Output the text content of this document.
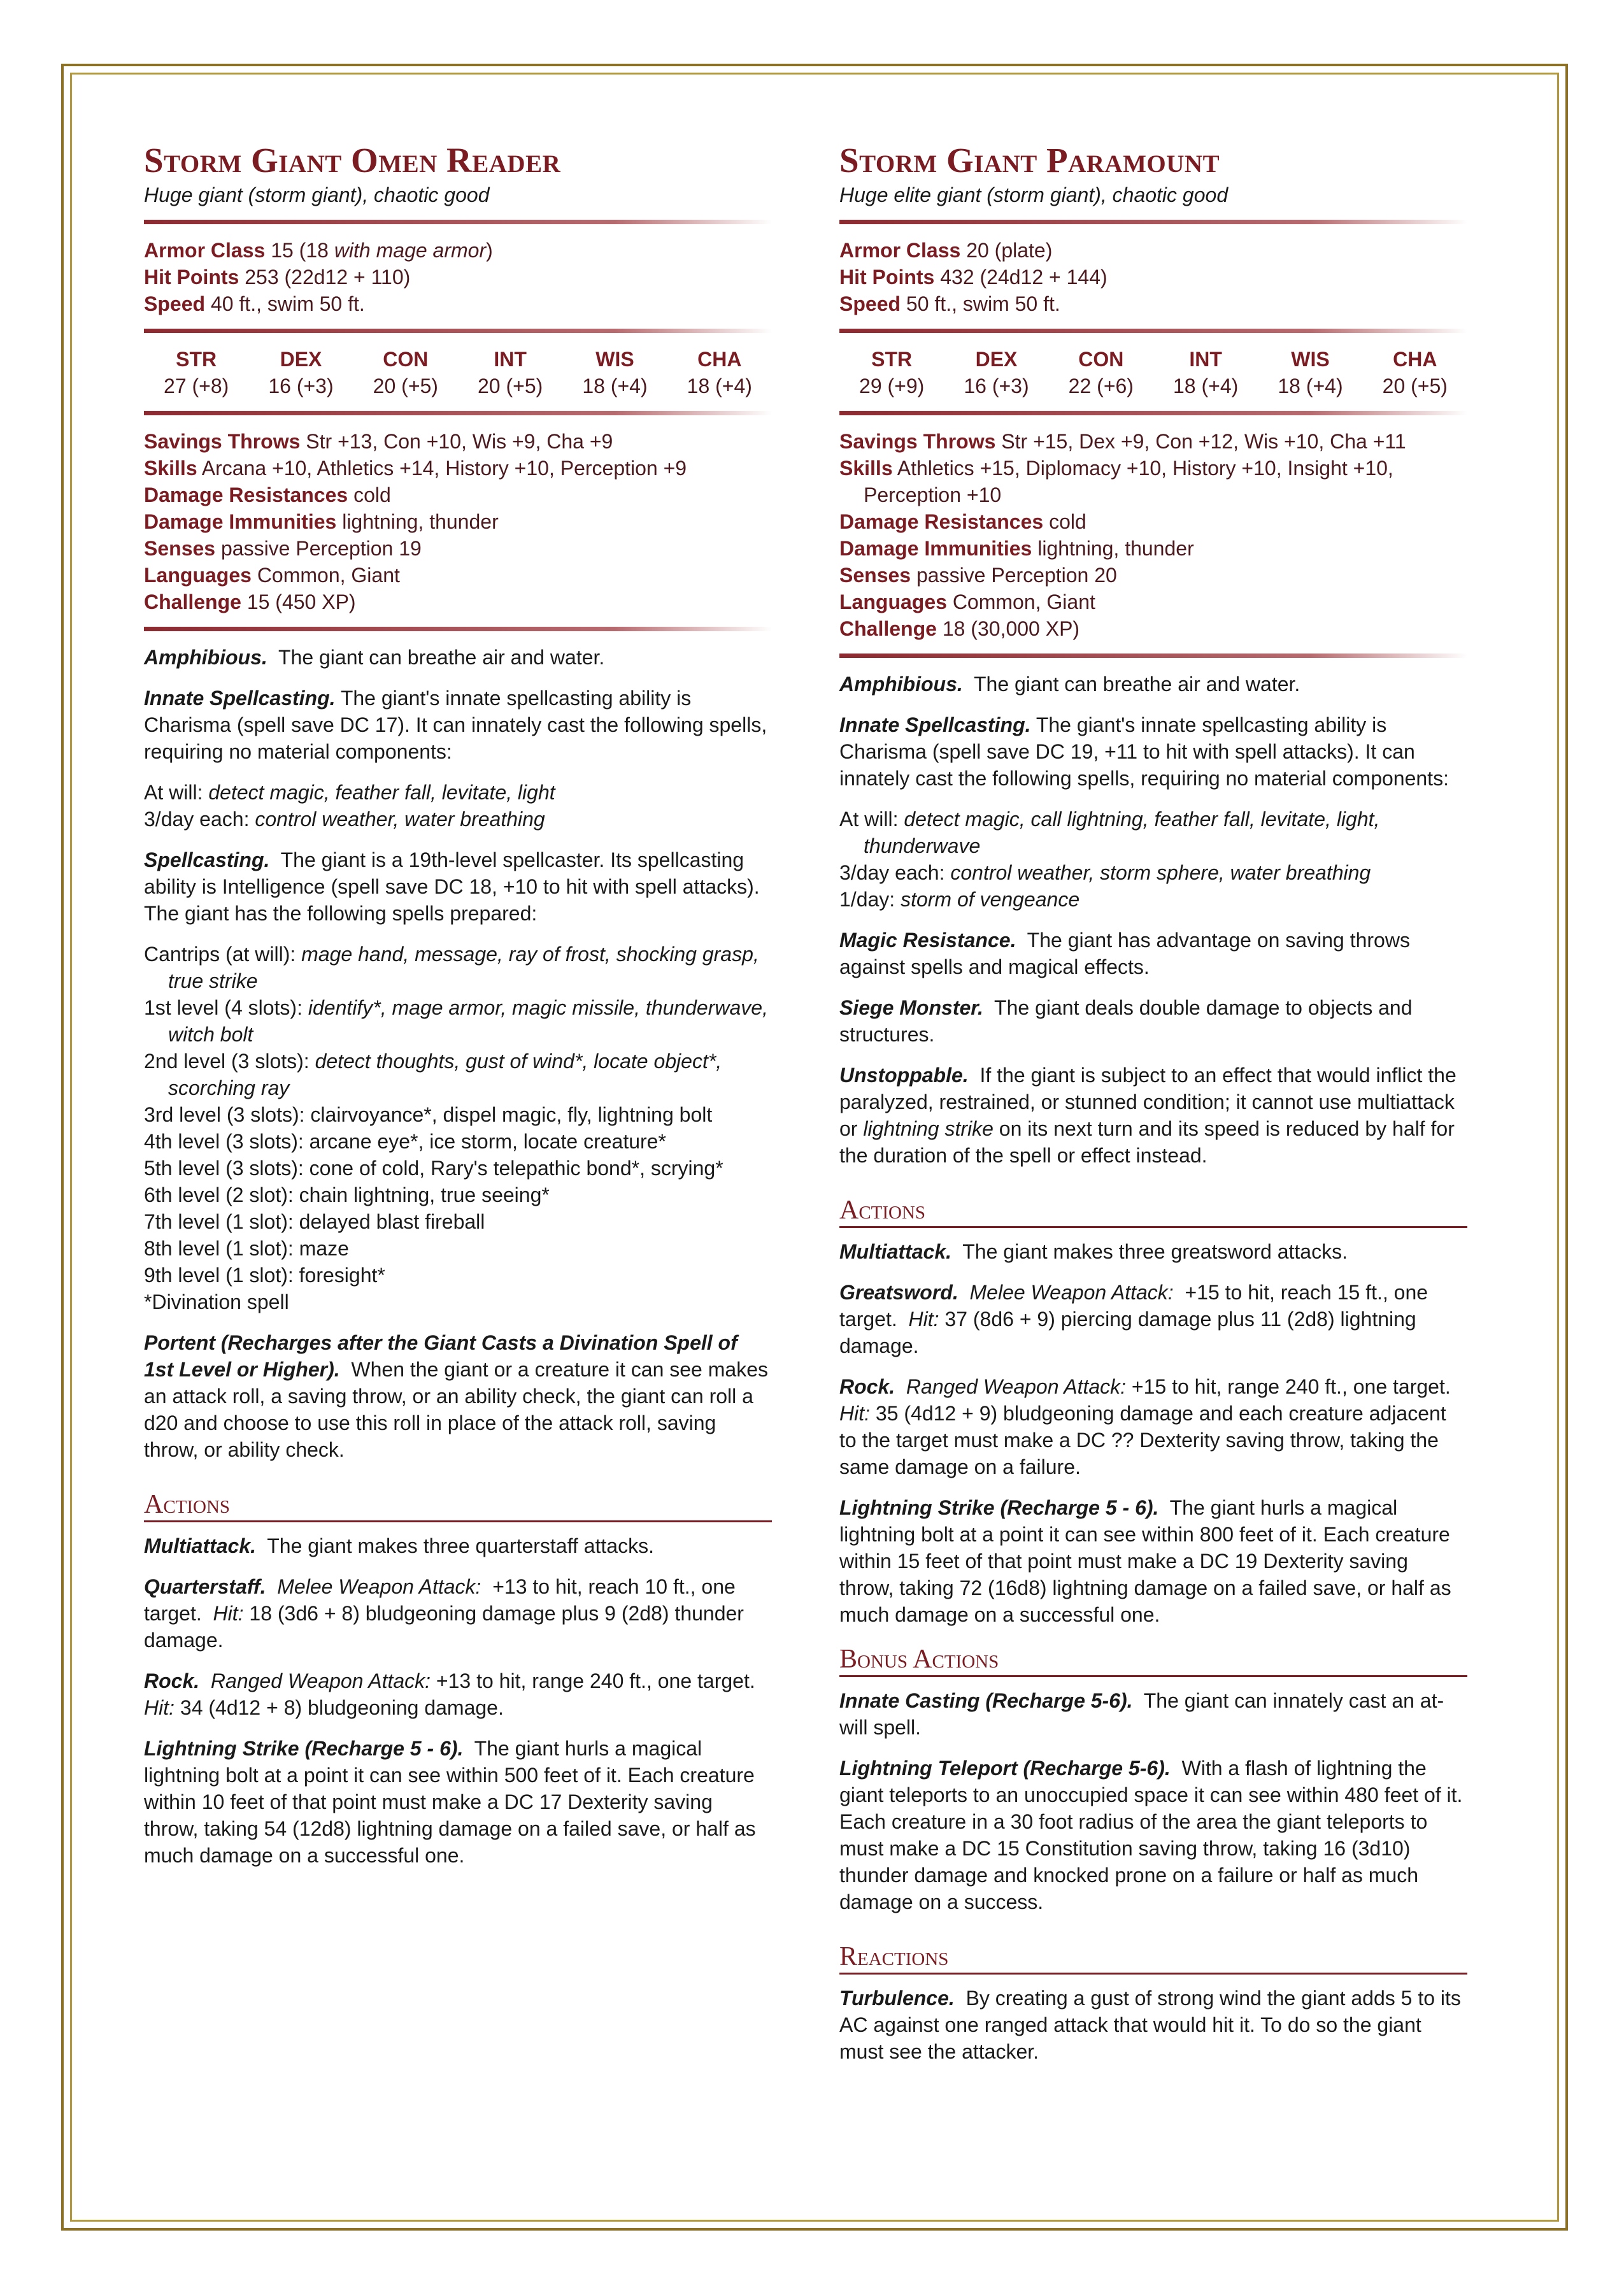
Storm Giant Omen Reader

Huge giant (storm giant), chaotic good

Armor Class 15 (18 with mage armor)

Hit Points 253 (22d12 + 110)

Speed 40 ft., swim 50 ft.

STR	DEX	CON	INT	WIS	CHA
27 (+8)	16 (+3)	20 (+5)	20 (+5)	18 (+4)	18 (+4)

Savings Throws Str +13, Con +10, Wis +9, Cha +9

Skills Arcana +10, Athletics +14, History +10, Perception +9

Damage Resistances cold

Damage Immunities lightning, thunder

Senses passive Perception 19

Languages Common, Giant

Challenge 15 (450 XP)

Amphibious. The giant can breathe air and water.

Innate Spellcasting. The giant's innate spellcasting ability is Charisma (spell save DC 17). It can innately cast the following spells, requiring no material components:

At will: detect magic, feather fall, levitate, light

3/day each: control weather, water breathing

Spellcasting. The giant is a 19th-level spellcaster. Its spellcasting ability is Intelligence (spell save DC 18, +10 to hit with spell attacks). The giant has the following spells prepared:

Cantrips (at will): mage hand, message, ray of frost, shocking grasp, true strike

1st level (4 slots): identify*, mage armor, magic missile, thunderwave, witch bolt

2nd level (3 slots): detect thoughts, gust of wind*, locate object*, scorching ray

3rd level (3 slots): clairvoyance*, dispel magic, fly, lightning bolt

4th level (3 slots): arcane eye*, ice storm, locate creature*

5th level (3 slots): cone of cold, Rary's telepathic bond*, scrying*

6th level (2 slot): chain lightning, true seeing*

7th level (1 slot): delayed blast fireball

8th level (1 slot): maze

9th level (1 slot): foresight*

*Divination spell

Portent (Recharges after the Giant Casts a Divination Spell of 1st Level or Higher). When the giant or a creature it can see makes an attack roll, a saving throw, or an ability check, the giant can roll a d20 and choose to use this roll in place of the attack roll, saving throw, or ability check.

Actions

Multiattack. The giant makes three quarterstaff attacks.

Quarterstaff. Melee Weapon Attack: +13 to hit, reach 10 ft., one target. Hit: 18 (3d6 + 8) bludgeoning damage plus 9 (2d8) thunder damage.

Rock. Ranged Weapon Attack: +13 to hit, range 240 ft., one target. Hit: 34 (4d12 + 8) bludgeoning damage.

Lightning Strike (Recharge 5 - 6). The giant hurls a magical lightning bolt at a point it can see within 500 feet of it. Each creature within 10 feet of that point must make a DC 17 Dexterity saving throw, taking 54 (12d8) lightning damage on a failed save, or half as much damage on a successful one.

Storm Giant Paramount

Huge elite giant (storm giant), chaotic good

Armor Class 20 (plate)

Hit Points 432 (24d12 + 144)

Speed 50 ft., swim 50 ft.

STR	DEX	CON	INT	WIS	CHA
29 (+9)	16 (+3)	22 (+6)	18 (+4)	18 (+4)	20 (+5)

Savings Throws Str +15, Dex +9, Con +12, Wis +10, Cha +11

Skills Athletics +15, Diplomacy +10, History +10, Insight +10, Perception +10

Damage Resistances cold

Damage Immunities lightning, thunder

Senses passive Perception 20

Languages Common, Giant

Challenge 18 (30,000 XP)

Amphibious. The giant can breathe air and water.

Innate Spellcasting. The giant's innate spellcasting ability is Charisma (spell save DC 19, +11 to hit with spell attacks). It can innately cast the following spells, requiring no material components:

At will: detect magic, call lightning, feather fall, levitate, light, thunderwave

3/day each: control weather, storm sphere, water breathing

1/day: storm of vengeance

Magic Resistance. The giant has advantage on saving throws against spells and magical effects.

Siege Monster. The giant deals double damage to objects and structures.

Unstoppable. If the giant is subject to an effect that would inflict the paralyzed, restrained, or stunned condition; it cannot use multiattack or lightning strike on its next turn and its speed is reduced by half for the duration of the spell or effect instead.

Actions

Multiattack. The giant makes three greatsword attacks.

Greatsword. Melee Weapon Attack: +15 to hit, reach 15 ft., one target. Hit: 37 (8d6 + 9) piercing damage plus 11 (2d8) lightning damage.

Rock. Ranged Weapon Attack: +15 to hit, range 240 ft., one target. Hit: 35 (4d12 + 9) bludgeoning damage and each creature adjacent to the target must make a DC ?? Dexterity saving throw, taking the same damage on a failure.

Lightning Strike (Recharge 5 - 6). The giant hurls a magical lightning bolt at a point it can see within 800 feet of it. Each creature within 15 feet of that point must make a DC 19 Dexterity saving throw, taking 72 (16d8) lightning damage on a failed save, or half as much damage on a successful one.

Bonus Actions

Innate Casting (Recharge 5-6). The giant can innately cast an at-will spell.

Lightning Teleport (Recharge 5-6). With a flash of lightning the giant teleports to an unoccupied space it can see within 480 feet of it. Each creature in a 30 foot radius of the area the giant teleports to must make a DC 15 Constitution saving throw, taking 16 (3d10) thunder damage and knocked prone on a failure or half as much damage on a success.

Reactions

Turbulence. By creating a gust of strong wind the giant adds 5 to its AC against one ranged attack that would hit it. To do so the giant must see the attacker.
